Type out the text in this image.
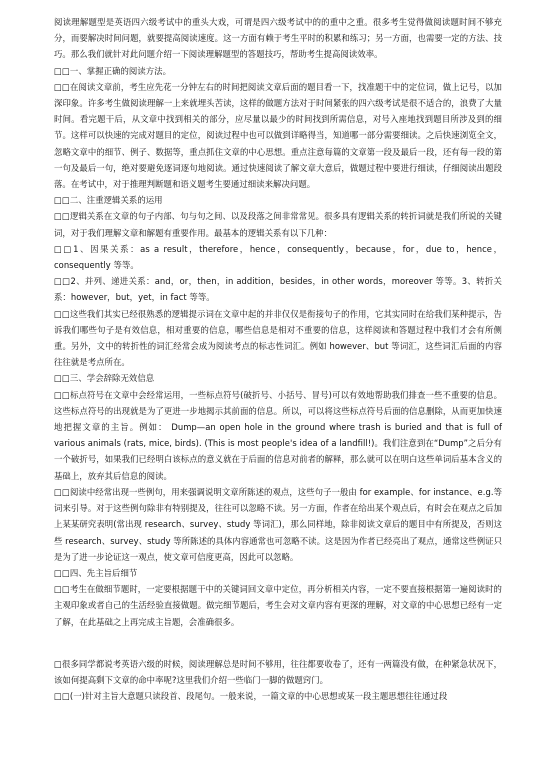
阅读理解题型是英语四六级考试中的重头大戏，可谓是四六级考试中的的重中之重。很多考生觉得做阅读题时间不够充分，而要解决时间问题，就要提高阅读速度。这一方面有赖于考生平时的积累和练习；另一方面，也需要一定的方法、技巧。那么我们就针对此问题介绍一下阅读理解题型的答题技巧，帮助考生提高阅读效率。

□□一、掌握正确的阅读方法。

□□在阅读文章前，考生应先花一分钟左右的时间把阅读文章后面的题目看一下，找准题干中的定位词，做上记号，以加深印象。许多考生做阅读理解一上来就埋头苦读，这样的做题方法对于时间紧张的四六级考试是很不适合的，浪费了大量时间。看完题干后，从文章中找到相关的部分，应尽量以最少的时间找到所需信息，对号入座地找到题目所涉及到的细节。这样可以快速的完成对题目的定位，阅读过程中也可以做到详略得当，知道哪一部分需要细读。之后快速浏览全文，忽略文章中的细节、例子、数据等，重点抓住文章的中心思想。重点注意每篇的文章第一段及最后一段，还有每一段的第一句及最后一句，绝对要避免逐词逐句地阅读。通过快速阅读了解文章大意后，做题过程中要进行细读，仔细阅读出题段落。在考试中，对于推理判断题和语义题考生要通过细读来解决问题。

□□二、注重逻辑关系的运用

□□逻辑关系在文章的句子内部、句与句之间、以及段落之间非常常见。很多具有逻辑关系的转折词就是我们所说的关键词，对于我们理解文章和解题有重要作用。最基本的逻辑关系有以下几种：

□□1、因果关系：as a result，therefore，hence，consequently，because，for，due to，hence，consequently 等等。

□□2、并列、递进关系：and，or，then，in addition，besides，in other words，moreover 等等。3、转折关系：however，but，yet，in fact 等等。

□□这些我们其实已经很熟悉的逻辑提示词在文章中起的并非仅仅是衔接句子的作用，它其实同时在给我们某种提示，告诉我们哪些句子是有效信息，相对重要的信息，哪些信息是相对不重要的信息，这样阅读和答题过程中我们才会有所侧重。另外，文中的转折性的词汇经常会成为阅读考点的标志性词汇。例如 however、but 等词汇，这些词汇后面的内容往往就是考点所在。

□□三、学会辞除无效信息

□□标点符号在文章中会经常运用，一些标点符号(破折号、小括号、冒号)可以有效地帮助我们排查一些不重要的信息。这些标点符号的出现就是为了更进一步地揭示其前面的信息。所以，可以将这些标点符号后面的信息删除，从而更加快速地把握文章的主旨。例如： Dump—an open hole in the ground where trash is buried and that is full of various animals (rats, mice, birds). (This is most people's idea of a landfill!)。我们注意到在“Dump”之后分有一个破折号，如果我们已经明白该标点的意义就在于后面的信息对前者的解释，那么就可以在明白这些单词后基本含义的基础上，放弃其后信息的阅读。

□□阅读中经常出现一些例句，用来强调说明文章所陈述的观点，这些句子一般由 for example、for instance、e.g.等词来引导。对于这些例句除非有特别提及，往往可以忽略不读。另一方面，作者在给出某个观点后，有时会在观点之后加上某某研究表明(常出现 research、survey、study 等词汇)，那么同样地，除非阅读文章后的题目中有所提及，否则这些 research、survey、study 等所陈述的具体内容通常也可忽略不读。这是因为作者已经亮出了观点，通常这些例证只是为了进一步论证这一观点，使文章可信度更高，因此可以忽略。

□□四、先主旨后细节

□□考生在做细节题时，一定要根据题干中的关键词回文章中定位，再分析相关内容，一定不要直接根据第一遍阅读时的主观印象或者自己的生活经验直接做题。做完细节题后，考生会对文章内容有更深的理解，对文章的中心思想已经有一定了解，在此基础之上再完成主旨题，会准确很多。

□很多同学都说考英语六级的时候，阅读理解总是时间不够用，往往都要收卷了，还有一两篇没有做，在种紧急状况下，该如何提高剩下文章的命中率呢?这里我们介绍一些临门一脚的做题窍门。

□□(一)针对主旨大意题只读段首、段尾句。一般来说，一篇文章的中心思想或某一段主题思想往往通过段
